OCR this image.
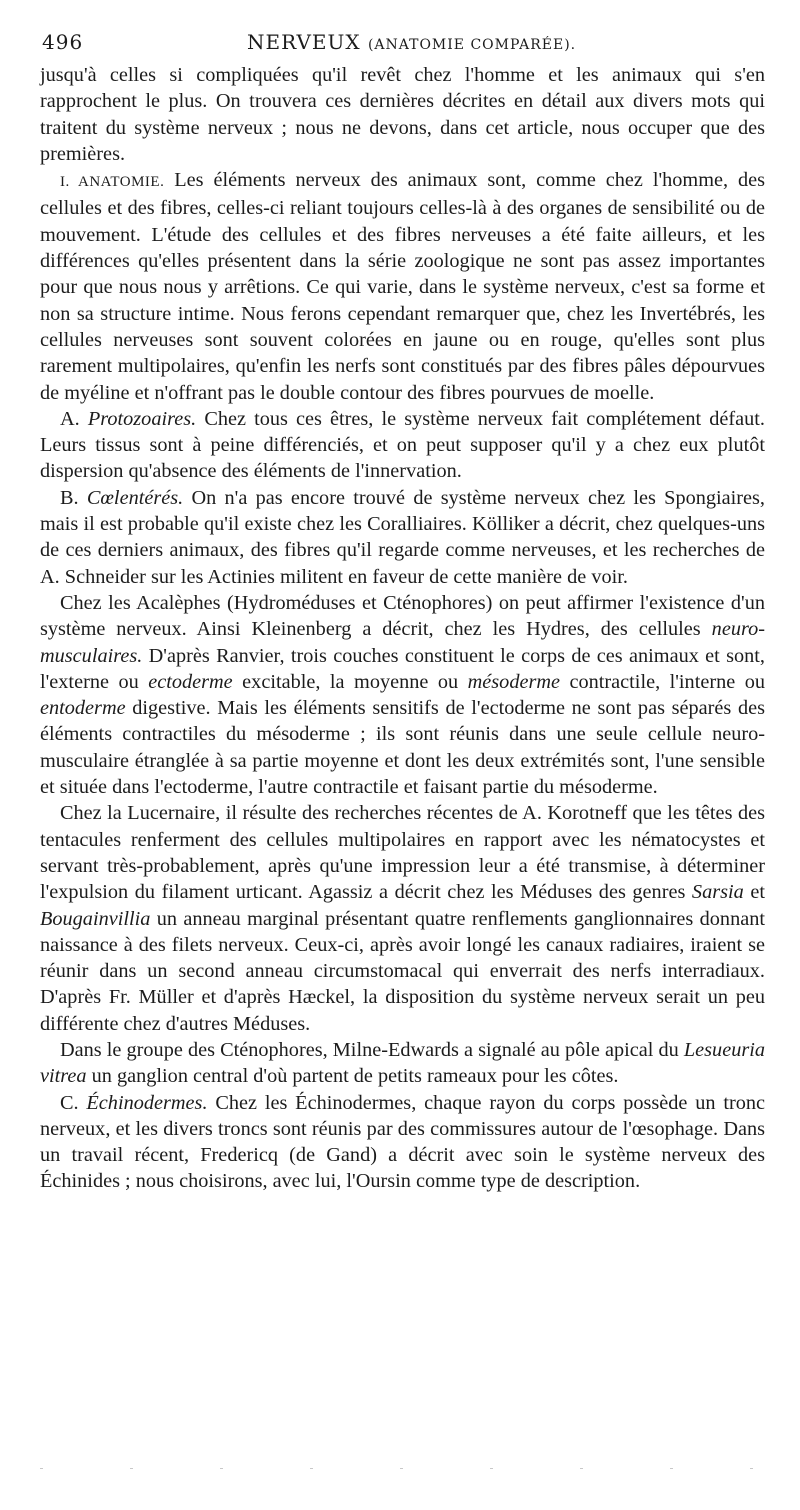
496	NERVEUX (ANATOMIE COMPARÉE).

jusqu'à celles si compliquées qu'il revêt chez l'homme et les animaux qui s'en rapprochent le plus. On trouvera ces dernières décrites en détail aux divers mots qui traitent du système nerveux ; nous ne devons, dans cet article, nous occuper que des premières.

I. ANATOMIE. Les éléments nerveux des animaux sont, comme chez l'homme, des cellules et des fibres, celles-ci reliant toujours celles-là à des organes de sensibilité ou de mouvement. L'étude des cellules et des fibres nerveuses a été faite ailleurs, et les différences qu'elles présentent dans la série zoologique ne sont pas assez importantes pour que nous nous y arrêtions. Ce qui varie, dans le système nerveux, c'est sa forme et non sa structure intime. Nous ferons cependant remarquer que, chez les Invertébrés, les cellules nerveuses sont souvent colorées en jaune ou en rouge, qu'elles sont plus rarement multipolaires, qu'enfin les nerfs sont constitués par des fibres pâles dépourvues de myéline et n'offrant pas le double contour des fibres pourvues de moelle.

A. Protozoaires. Chez tous ces êtres, le système nerveux fait complétement défaut. Leurs tissus sont à peine différenciés, et on peut supposer qu'il y a chez eux plutôt dispersion qu'absence des éléments de l'innervation.

B. Cœlentérés. On n'a pas encore trouvé de système nerveux chez les Spongiaires, mais il est probable qu'il existe chez les Coralliaires. Kölliker a décrit, chez quelques-uns de ces derniers animaux, des fibres qu'il regarde comme nerveuses, et les recherches de A. Schneider sur les Actinies militent en faveur de cette manière de voir.

Chez les Acalèphes (Hydroméduses et Cténophores) on peut affirmer l'existence d'un système nerveux. Ainsi Kleinenberg a décrit, chez les Hydres, des cellules neuro-musculaires. D'après Ranvier, trois couches constituent le corps de ces animaux et sont, l'externe ou ectoderme excitable, la moyenne ou mésoderme contractile, l'interne ou entoderme digestive. Mais les éléments sensitifs de l'ectoderme ne sont pas séparés des éléments contractiles du mésoderme ; ils sont réunis dans une seule cellule neuro-musculaire étranglée à sa partie moyenne et dont les deux extrémités sont, l'une sensible et située dans l'ectoderme, l'autre contractile et faisant partie du mésoderme.

Chez la Lucernaire, il résulte des recherches récentes de A. Korotneff que les têtes des tentacules renferment des cellules multipolaires en rapport avec les nématocystes et servant très-probablement, après qu'une impression leur a été transmise, à déterminer l'expulsion du filament urticant. Agassiz a décrit chez les Méduses des genres Sarsia et Bougainvillia un anneau marginal présentant quatre renflements ganglionnaires donnant naissance à des filets nerveux. Ceux-ci, après avoir longé les canaux radiaires, iraient se réunir dans un second anneau circumstomacal qui enverrait des nerfs interradiaux. D'après Fr. Müller et d'après Hæckel, la disposition du système nerveux serait un peu différente chez d'autres Méduses.

Dans le groupe des Cténophores, Milne-Edwards a signalé au pôle apical du Lesueuria vitrea un ganglion central d'où partent de petits rameaux pour les côtes.

C. Échinodermes. Chez les Échinodermes, chaque rayon du corps possède un tronc nerveux, et les divers troncs sont réunis par des commissures autour de l'œsophage. Dans un travail récent, Fredericq (de Gand) a décrit avec soin le système nerveux des Échinides ; nous choisirons, avec lui, l'Oursin comme type de description.
